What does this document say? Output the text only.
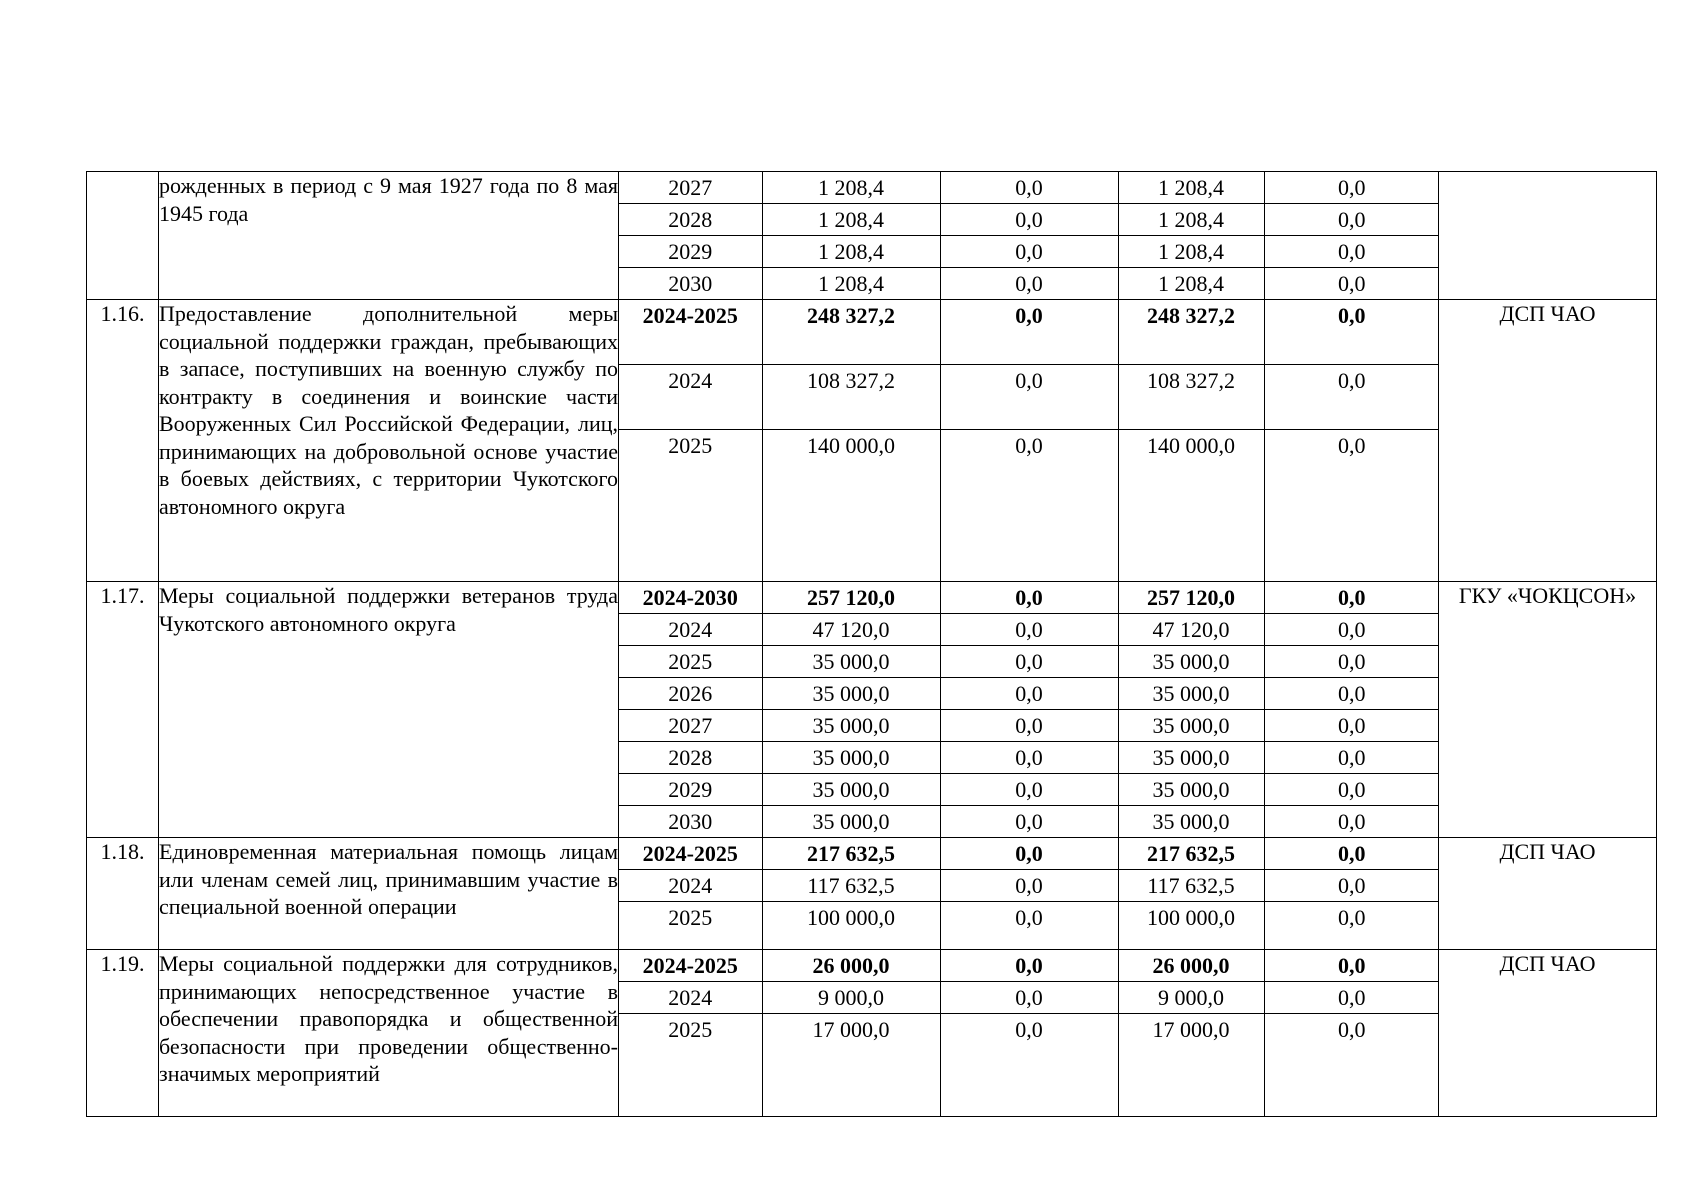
	рожденных в период с 9 мая 1927 года по 8 мая 1945 года	
2027	1 208,4	0,0	1 208,4	0,0
2028	1 208,4	0,0	1 208,4	0,0
2029	1 208,4	0,0	1 208,4	0,0
2030	1 208,4	0,0	1 208,4	0,0

1.16.	Предоставление дополнительной меры социальной поддержки граждан, пребывающих в запасе, поступивших на военную службу по контракту в соединения и воинские части Вооруженных Сил Российской Федерации, лиц, принимающих на добровольной основе участие в боевых действиях, с территории Чукотского автономного округа	
2024-2025	248 327,2	0,0	248 327,2	0,0
2024	108 327,2	0,0	108 327,2	0,0
2025	140 000,0	0,0	140 000,0	0,0
	ДСП ЧАО
1.17.	Меры социальной поддержки ветеранов труда Чукотского автономного округа	
2024-2030	257 120,0	0,0	257 120,0	0,0
2024	47 120,0	0,0	47 120,0	0,0
2025	35 000,0	0,0	35 000,0	0,0
2026	35 000,0	0,0	35 000,0	0,0
2027	35 000,0	0,0	35 000,0	0,0
2028	35 000,0	0,0	35 000,0	0,0
2029	35 000,0	0,0	35 000,0	0,0
2030	35 000,0	0,0	35 000,0	0,0
	ГКУ «ЧОКЦСОН»
1.18.	Единовременная материальная помощь лицам или членам семей лиц, принимавшим участие в специальной военной операции	
2024-2025	217 632,5	0,0	217 632,5	0,0
2024	117 632,5	0,0	117 632,5	0,0
2025	100 000,0	0,0	100 000,0	0,0
	ДСП ЧАО
1.19.	Меры социальной поддержки для сотрудников, принимающих непосредственное участие в обеспечении правопорядка и общественной безопасности при проведении общественно-значимых мероприятий	
2024-2025	26 000,0	0,0	26 000,0	0,0
2024	9 000,0	0,0	9 000,0	0,0
2025	17 000,0	0,0	17 000,0	0,0
	ДСП ЧАО
